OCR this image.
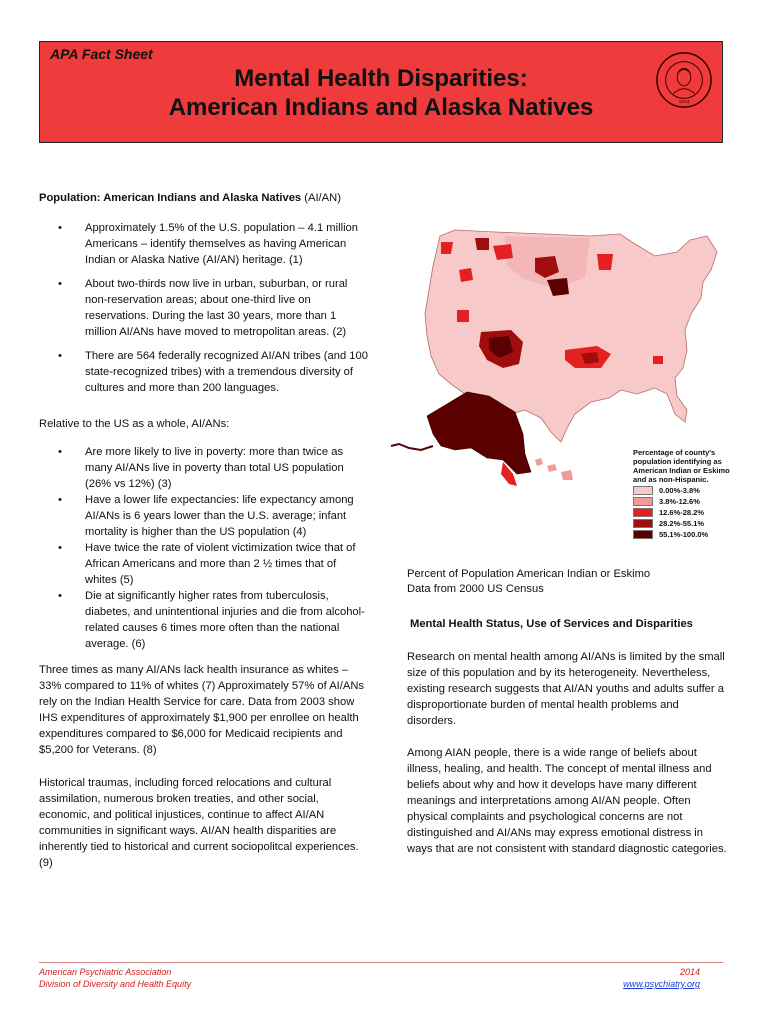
APA Fact Sheet
Mental Health Disparities:
American Indians and Alaska Natives	1844
Population: American Indians and Alaska Natives (AI/AN)
• Approximately 1.5% of the U.S. population – 4.1 million Americans – identify themselves as having American Indian or Alaska Native (AI/AN) heritage. (1)
• About two-thirds now live in urban, suburban, or rural non-reservation areas; about one-third live on reservations. During the last 30 years, more than 1 million AI/ANs have moved to metropolitan areas. (2)
• There are 564 federally recognized AI/AN tribes (and 100 state-recognized tribes) with a tremendous diversity of cultures and more than 200 languages.

Relative to the US as a whole, AI/ANs:

• Are more likely to live in poverty: more than twice as many AI/ANs live in poverty than total US population (26% vs 12%) (3)
• Have a lower life expectancies: life expectancy among AI/ANs is 6 years lower than the U.S. average; infant mortality is higher than the US population (4)
• Have twice the rate of violent victimization twice that of African Americans and more than 2 ½ times that of whites (5)
• Die at significantly higher rates from tuberculosis, diabetes, and unintentional injuries and die from alcohol-related causes 6 times more often than the national average. (6)

Three times as many AI/ANs lack health insurance as whites – 33% compared to 11% of whites (7) Approximately 57% of AI/ANs rely on the Indian Health Service for care. Data from 2003 show IHS expenditures of approximately $1,900 per enrollee on health expenditures compared to $6,000 for Medicaid recipients and $5,200 for Veterans. (8)

Historical traumas, including forced relocations and cultural assimilation, numerous broken treaties, and other social, economic, and political injustices, continue to affect AI/AN communities in significant ways. AI/AN health disparities are inherently tied to historical and current sociopolitcal experiences. (9)

Percentage of county's population identifying as American Indian or Eskimo and as non-Hispanic.
0.00%-3.8%
3.8%-12.6%
12.6%-28.2%
28.2%-55.1%
55.1%-100.0%
Percent of Population American Indian or Eskimo
Data from 2000 US Census
Mental Health Status, Use of Services and Disparities

Research on mental health among AI/ANs is limited by the small size of this population and by its heterogeneity. Nevertheless, existing research suggests that AI/AN youths and adults suffer a disproportionate burden of mental health problems and disorders.

Among AIAN people, there is a wide range of beliefs about illness, healing, and health. The concept of mental illness and beliefs about why and how it develops have many different meanings and interpretations among AI/AN people. Often physical complaints and psychological concerns are not distinguished and AI/ANs may express emotional distress in ways that are not consistent with standard diagnostic categories.

American Psychiatric Association
Division of Diversity and Health Equity
2014
www.psychiatry.org
